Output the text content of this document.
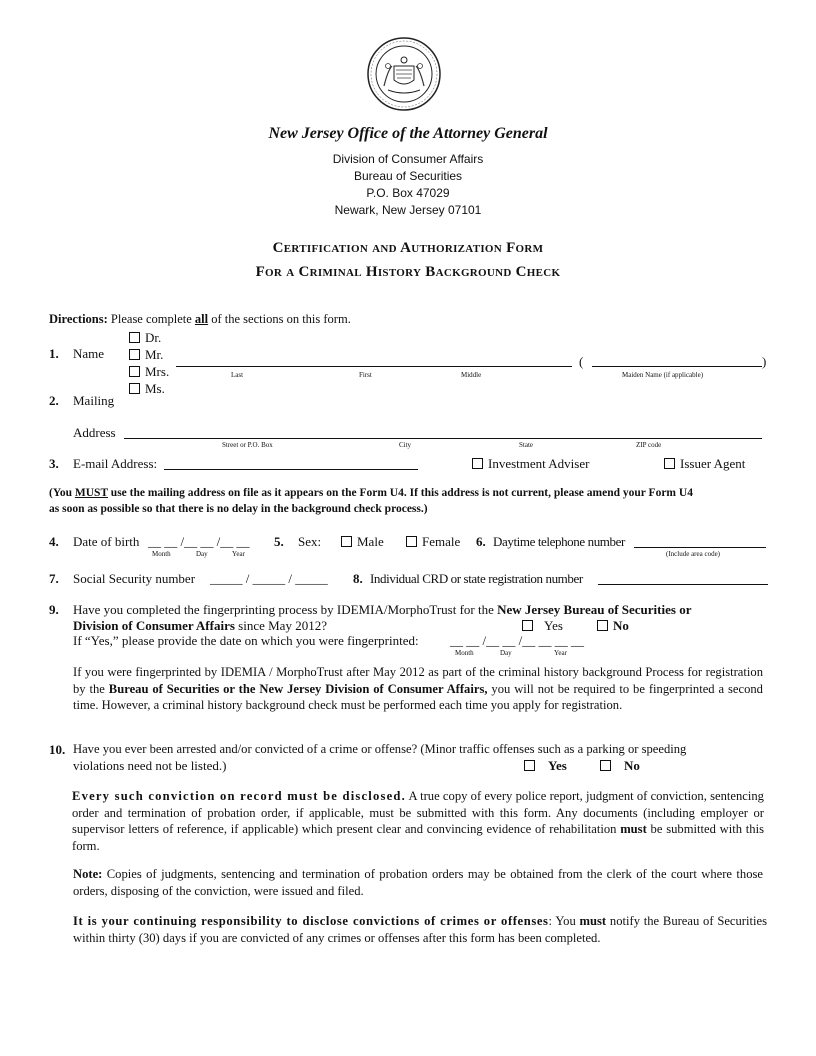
New Jersey Office of the Attorney General
Division of Consumer Affairs
Bureau of Securities
P.O. Box 47029
Newark, New Jersey 07101
Certification and Authorization Form
For a Criminal History Background Check
Directions: Please complete all of the sections on this form.
1. Name
Dr.
Mr.
Mrs.
Ms.
(	)
Last	First	Middle	Maiden Name (if applicable)
2. Mailing
Address
Street or P.O. Box	City	State	ZIP code
3. E-mail Address:	Investment Adviser	Issuer Agent
(You MUST use the mailing address on file as it appears on the Form U4. If this address is not current, please amend your Form U4
as soon as possible so that there is no delay in the background check process.)
4. Date of birth __ __ /__ __ /__ __
Month	Day	Year
5. Sex:	Male	Female 6. Daytime telephone number
(Include area code)
7. Social Security number _____ / _____ / _____ 8. Individual CRD or state registration number
9. Have you completed the fingerprinting process by IDEMIA/MorphoTrust for the New Jersey Bureau of Securities or
Division of Consumer Affairs since May 2012?	Yes	No
If “Yes,” please provide the date on which you were fingerprinted: __ __ /__ __ /__ __ __ __
Month	Day	Year
If you were fingerprinted by IDEMIA / MorphoTrust after May 2012 as part of the criminal history background Process for registration by the Bureau of Securities or the New Jersey Division of Consumer Affairs, you will not be required to be fingerprinted a second time. However, a criminal history background check must be performed each time you apply for registration.
10. Have you ever been arrested and/or convicted of a crime or offense? (Minor traffic offenses such as a parking or speeding
violations need not be listed.)	Yes	No
Every such conviction on record must be disclosed. A true copy of every police report, judgment of conviction, sentencing order and termination of probation order, if applicable, must be submitted with this form. Any documents (including employer or supervisor letters of reference, if applicable) which present clear and convincing evidence of rehabilitation must be submitted with this form.
Note: Copies of judgments, sentencing and termination of probation orders may be obtained from the clerk of the court where those orders, disposing of the conviction, were issued and filed.
It is your continuing responsibility to disclose convictions of crimes or offenses: You must notify the Bureau of Securities within thirty (30) days if you are convicted of any crimes or offenses after this form has been completed.
